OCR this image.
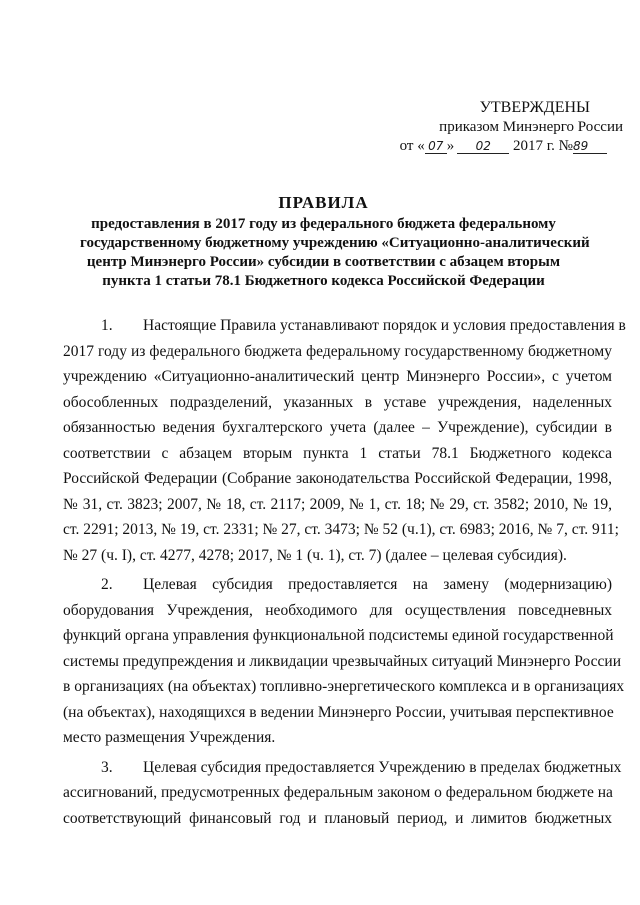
УТВЕРЖДЕНЫ
приказом Минэнерго России
от « 07 » 02 2017 г. №89
ПРАВИЛА
предоставления в 2017 году из федерального бюджета федеральному
государственному бюджетному учреждению «Ситуационно-аналитический
центр Минэнерго России» субсидии в соответствии с абзацем вторым
пункта 1 статьи 78.1 Бюджетного кодекса Российской Федерации
1. Настоящие Правила устанавливают порядок и условия предоставления в
2017 году из федерального бюджета федеральному государственному бюджетному
учреждению «Ситуационно-аналитический центр Минэнерго России», с учетом
обособленных подразделений, указанных в уставе учреждения, наделенных
обязанностью ведения бухгалтерского учета (далее – Учреждение), субсидии в
соответствии с абзацем вторым пункта 1 статьи 78.1 Бюджетного кодекса
Российской Федерации (Собрание законодательства Российской Федерации, 1998,
№ 31, ст. 3823; 2007, № 18, ст. 2117; 2009, № 1, ст. 18; № 29, ст. 3582; 2010, № 19,
ст. 2291; 2013, № 19, ст. 2331; № 27, ст. 3473; № 52 (ч.1), ст. 6983; 2016, № 7, ст. 911;
№ 27 (ч. I), ст. 4277, 4278; 2017, № 1 (ч. 1), ст. 7) (далее – целевая субсидия).
2. Целевая субсидия предоставляется на замену (модернизацию)
оборудования Учреждения, необходимого для осуществления повседневных
функций органа управления функциональной подсистемы единой государственной
системы предупреждения и ликвидации чрезвычайных ситуаций Минэнерго России
в организациях (на объектах) топливно-энергетического комплекса и в организациях
(на объектах), находящихся в ведении Минэнерго России, учитывая перспективное
место размещения Учреждения.
3. Целевая субсидия предоставляется Учреждению в пределах бюджетных
ассигнований, предусмотренных федеральным законом о федеральном бюджете на
соответствующий финансовый год и плановый период, и лимитов бюджетных
